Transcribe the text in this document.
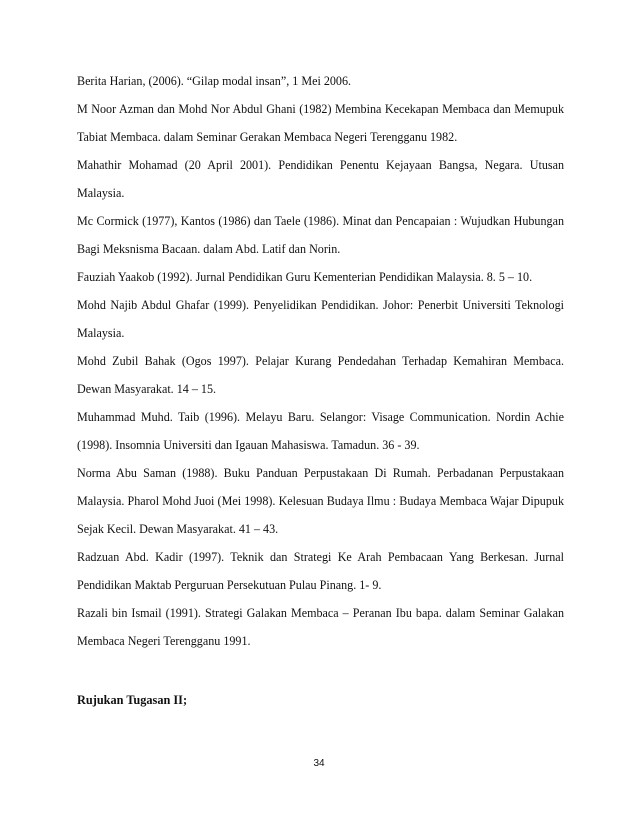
Berita Harian, (2006). “Gilap modal insan”, 1 Mei 2006.
M Noor Azman dan Mohd Nor Abdul Ghani (1982) Membina Kecekapan Membaca dan Memupuk Tabiat Membaca. dalam Seminar Gerakan Membaca Negeri Terengganu 1982.
Mahathir Mohamad (20 April 2001). Pendidikan Penentu Kejayaan Bangsa, Negara. Utusan Malaysia.
Mc Cormick (1977), Kantos (1986) dan Taele (1986). Minat dan Pencapaian : Wujudkan Hubungan Bagi Meksnisma Bacaan. dalam Abd. Latif dan Norin.
Fauziah Yaakob (1992). Jurnal Pendidikan Guru Kementerian Pendidikan Malaysia. 8. 5 – 10.
Mohd Najib Abdul Ghafar (1999). Penyelidikan Pendidikan. Johor: Penerbit Universiti Teknologi Malaysia.
Mohd Zubil Bahak (Ogos 1997). Pelajar Kurang Pendedahan Terhadap Kemahiran Membaca. Dewan Masyarakat. 14 – 15.
Muhammad Muhd. Taib (1996). Melayu Baru. Selangor: Visage Communication. Nordin Achie (1998). Insomnia Universiti dan Igauan Mahasiswa. Tamadun. 36 - 39.
Norma Abu Saman (1988). Buku Panduan Perpustakaan Di Rumah. Perbadanan Perpustakaan Malaysia. Pharol Mohd Juoi (Mei 1998). Kelesuan Budaya Ilmu : Budaya Membaca Wajar Dipupuk Sejak Kecil. Dewan Masyarakat. 41 – 43.
Radzuan Abd. Kadir (1997). Teknik dan Strategi Ke Arah Pembacaan Yang Berkesan. Jurnal Pendidikan Maktab Perguruan Persekutuan Pulau Pinang. 1- 9.
Razali bin Ismail (1991). Strategi Galakan Membaca – Peranan Ibu bapa. dalam Seminar Galakan Membaca Negeri Terengganu 1991.
Rujukan Tugasan II;
34
